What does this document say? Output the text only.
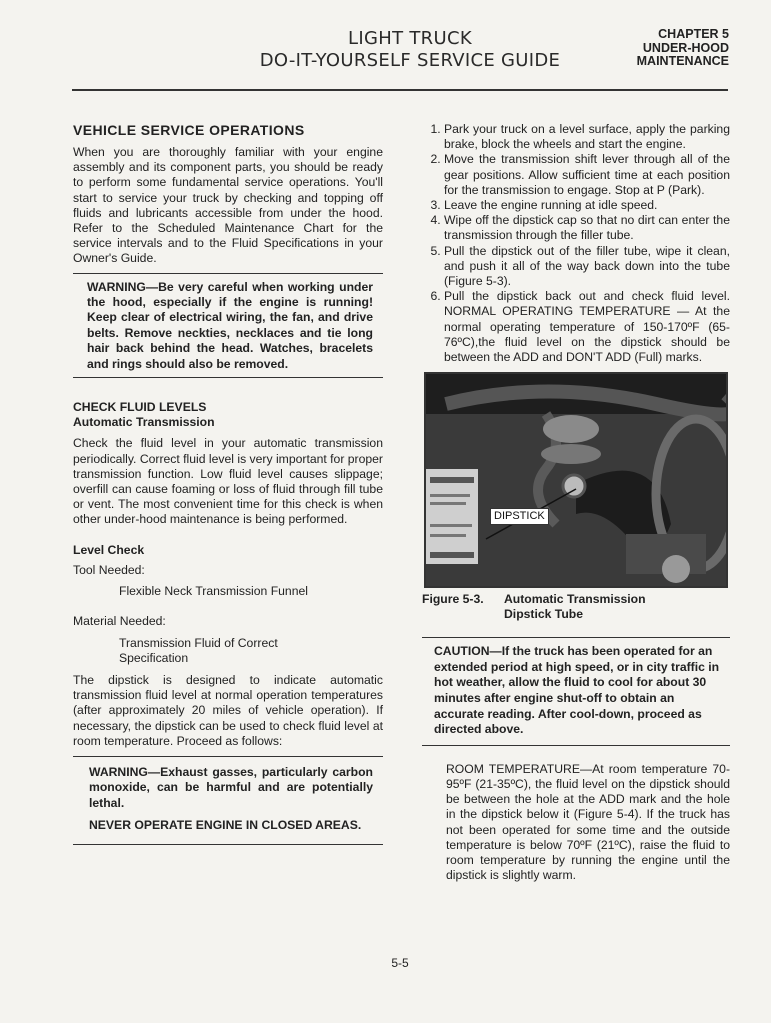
LIGHT TRUCK
DO-IT-YOURSELF SERVICE GUIDE
CHAPTER 5
UNDER-HOOD
MAINTENANCE
VEHICLE SERVICE OPERATIONS

When you are thoroughly familiar with your engine assembly and its component parts, you should be ready to perform some fundamental service operations. You'll start to service your truck by checking and topping off fluids and lubricants accessible from under the hood. Refer to the Scheduled Maintenance Chart for the service intervals and to the Fluid Specifications in your Owner's Guide.

WARNING—Be very careful when working under the hood, especially if the engine is running! Keep clear of electrical wiring, the fan, and drive belts. Remove neckties, necklaces and tie long hair back behind the head. Watches, bracelets and rings should also be removed.

CHECK FLUID LEVELS
Automatic Transmission

Check the fluid level in your automatic transmission periodically. Correct fluid level is very important for proper transmission function. Low fluid level causes slippage; overfill can cause foaming or loss of fluid through fill tube or vent. The most convenient time for this check is when other under-hood maintenance is being performed.

Level Check
Tool Needed:
Flexible Neck Transmission Funnel
Material Needed:
Transmission Fluid of Correct Specification

The dipstick is designed to indicate automatic transmission fluid level at normal operation temperatures (after approximately 20 miles of vehicle operation). If necessary, the dipstick can be used to check fluid level at room temperature. Proceed as follows:

WARNING—Exhaust gasses, particularly carbon monoxide, can be harmful and are potentially lethal.

NEVER OPERATE ENGINE IN CLOSED AREAS.

1. Park your truck on a level surface, apply the parking brake, block the wheels and start the engine.
2. Move the transmission shift lever through all of the gear positions. Allow sufficient time at each position for the transmission to engage. Stop at P (Park).
3. Leave the engine running at idle speed.
4. Wipe off the dipstick cap so that no dirt can enter the transmission through the filler tube.
5. Pull the dipstick out of the filler tube, wipe it clean, and push it all of the way back down into the tube (Figure 5-3).
6. Pull the dipstick back out and check fluid level. NORMAL OPERATING TEMPERATURE — At the normal operating temperature of 150-170ºF (65-76ºC),the fluid level on the dipstick should be between the ADD and DON'T ADD (Full) marks.
DIPSTICK
Figure 5-3. Automatic Transmission
Dipstick Tube

CAUTION—If the truck has been operated for an extended period at high speed, or in city traffic in hot weather, allow the fluid to cool for about 30 minutes after engine shut-off to obtain an accurate reading. After cool-down, proceed as directed above.

ROOM TEMPERATURE—At room temperature 70-95ºF (21-35ºC), the fluid level on the dipstick should be between the hole at the ADD mark and the hole in the dipstick below it (Figure 5-4). If the truck has not been operated for some time and the outside temperature is below 70ºF (21ºC), raise the fluid to room temperature by running the engine until the dipstick is slightly warm.

5-5
